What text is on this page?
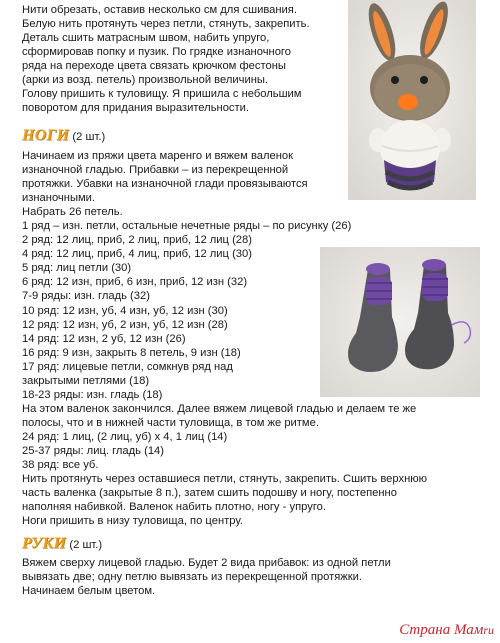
Нити обрезать, оставив несколько см для сшивания.
Белую нить протянуть через петли, стянуть, закрепить.
Деталь сшить матрасным швом, набить упруго,
сформировав попку и пузик. По грядке изнаночного
ряда на переходе цвета связать крючком фестоны
(арки из возд. петель) произвольной величины.
Голову пришить к туловищу. Я пришила с небольшим
поворотом для придания выразительности.
НОГИ (2 шт.)
Начинаем из пряжи цвета маренго и вяжем валенок
изнаночной гладью. Прибавки – из перекрещенной
протяжки. Убавки на изнаночной глади провязываются
изнаночными.
Набрать 26 петель.
1 ряд – изн. петли, остальные нечетные ряды – по рисунку (26)
2 ряд: 12 лиц, приб, 2 лиц, приб, 12 лиц (28)
4 ряд: 12 лиц, приб, 4 лиц, приб, 12 лиц (30)
5 ряд: лиц петли (30)
6 ряд: 12 изн, приб, 6 изн, приб, 12 изн (32)
7-9 ряды: изн. гладь (32)
10 ряд: 12 изн, уб, 4 изн, уб, 12 изн (30)
12 ряд: 12 изн, уб, 2 изн, уб, 12 изн (28)
14 ряд: 12 изн, 2 уб, 12 изн (26)
16 ряд: 9 изн, закрыть 8 петель, 9 изн (18)
17 ряд: лицевые петли, сомкнув ряд над
закрытыми петлями (18)
18-23 ряды: изн. гладь (18)
На этом валенок закончился. Далее вяжем лицевой гладью и делаем те же
полосы, что и в нижней части туловища, в том же ритме.
24 ряд: 1 лиц, (2 лиц, уб) х 4, 1 лиц (14)
25-37 ряды: лиц. гладь (14)
38 ряд: все уб.
Нить протянуть через оставшиеся петли, стянуть, закрепить. Сшить верхнюю
часть валенка (закрытые 8 п.), затем сшить подошву и ногу, постепенно
наполняя набивкой. Валенок набить плотно, ногу - упруго.
Ноги пришить в низу туловища, по центру.
РУКИ (2 шт.)
Вяжем сверху лицевой гладью. Будет 2 вида прибавок: из одной петли
вывязать две; одну петлю вывязать из перекрещенной протяжки.
Начинаем белым цветом.
Страна Мамru
